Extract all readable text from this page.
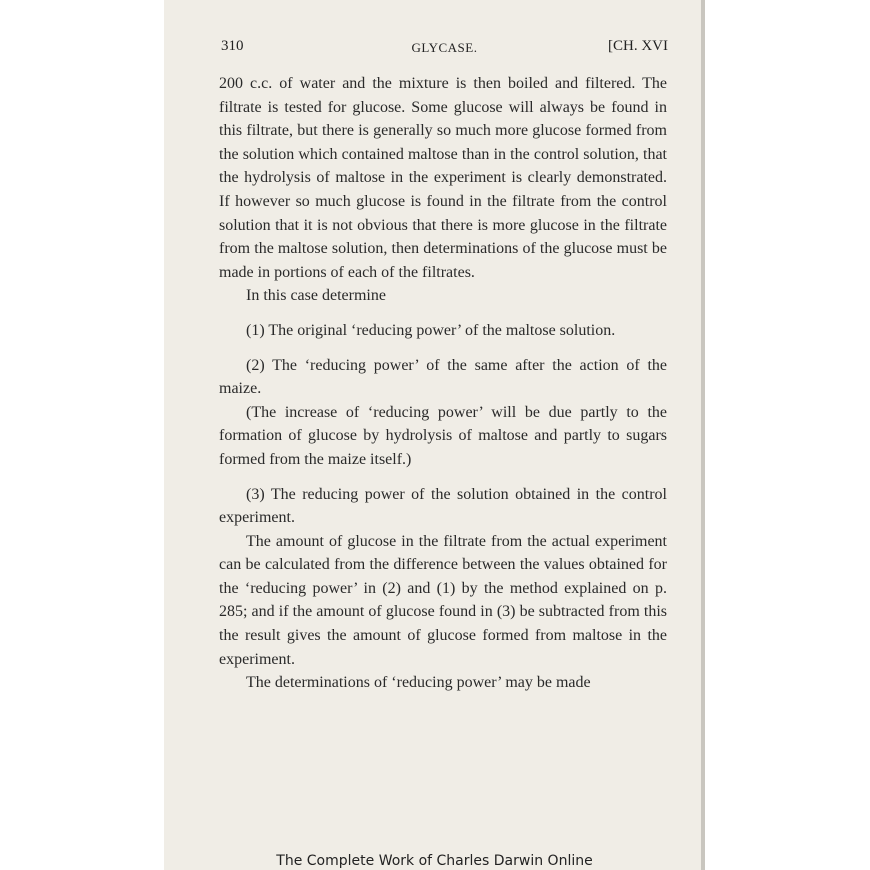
310	GLYCASE.	[CH. XVI

200 c.c. of water and the mixture is then boiled and filtered. The filtrate is tested for glucose. Some glucose will always be found in this filtrate, but there is generally so much more glucose formed from the solution which contained maltose than in the control solution, that the hydrolysis of maltose in the experiment is clearly demonstrated. If however so much glucose is found in the filtrate from the control solution that it is not obvious that there is more glucose in the filtrate from the maltose solution, then determinations of the glucose must be made in portions of each of the filtrates.

In this case determine

(1) The original ‘reducing power’ of the maltose solution.

(2) The ‘reducing power’ of the same after the action of the maize.

(The increase of ‘reducing power’ will be due partly to the formation of glucose by hydrolysis of maltose and partly to sugars formed from the maize itself.)

(3) The reducing power of the solution obtained in the control experiment.

The amount of glucose in the filtrate from the actual experiment can be calculated from the difference between the values obtained for the ‘reducing power’ in (2) and (1) by the method explained on p. 285; and if the amount of glucose found in (3) be subtracted from this the result gives the amount of glucose formed from maltose in the experiment.

The determinations of ‘reducing power’ may be made

The Complete Work of Charles Darwin Online
